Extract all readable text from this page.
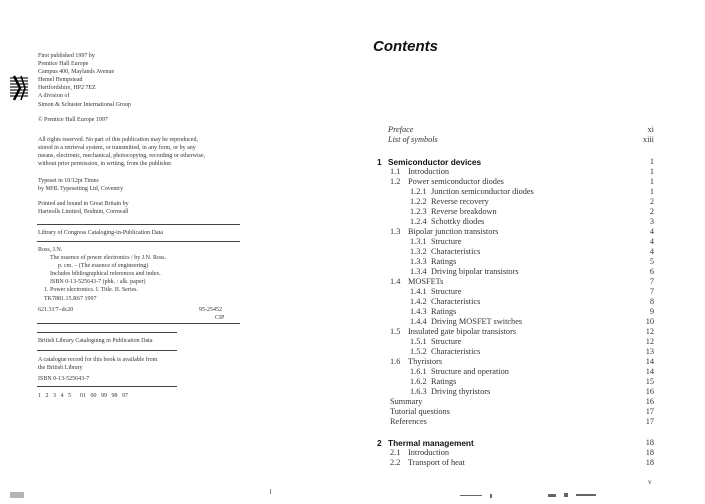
First published 1997 by
Prentice Hall Europe
Campus 400, Maylands Avenue
Hemel Hempstead
Hertfordshire, HP2 7EZ
A division of
Simon & Schuster International Group
© Prentice Hall Europe 1997
All rights reserved. No part of this publication may be reproduced,
stored in a retrieval system, or transmitted, in any form, or by any
means, electronic, mechanical, photocopying, recording or otherwise,
without prior permission, in writing, from the publisher.
Typeset in 10/12pt Times
by MHL Typesetting Ltd, Coventry
Printed and bound in Great Britain by
Hartnolls Limited, Bodmin, Cornwall
Library of Congress Cataloging-in-Publication Data
Ross, J.N.
The essence of power electronics / by J.N. Ross.
p. cm. – (The essence of engineering)
Includes bibliographical references and index.
ISBN 0-13-525643-7 (pbk. : alk. paper)
1. Power electronics. I. Title. II. Series.
TK7881.15.R67 1997
621.31'7–dc20	95-25452
CIP
British Library Cataloguing in Publication Data
A catalogue record for this book is available from
the British Library
ISBN 0-13-525643-7
1   2   3   4   5      01   00   99   98   97
Contents
Preface	xi
List of symbols	xiii
1 Semiconductor devices	1
1.1 Introduction	1
1.2 Power semiconductor diodes	1
1.2.1 Junction semiconductor diodes	1
1.2.2 Reverse recovery	2
1.2.3 Reverse breakdown	2
1.2.4 Schottky diodes	3
1.3 Bipolar junction transistors	4
1.3.1 Structure	4
1.3.2 Characteristics	4
1.3.3 Ratings	5
1.3.4 Driving bipolar transistors	6
1.4 MOSFETs	7
1.4.1 Structure	7
1.4.2 Characteristics	8
1.4.3 Ratings	9
1.4.4 Driving MOSFET switches	10
1.5 Insulated gate bipolar transistors	12
1.5.1 Structure	12
1.5.2 Characteristics	13
1.6 Thyristors	14
1.6.1 Structure and operation	14
1.6.2 Ratings	15
1.6.3 Driving thyristors	16
Summary	16
Tutorial questions	17
References	17
2 Thermal management	18
2.1 Introduction	18
2.2 Transport of heat	18
v
